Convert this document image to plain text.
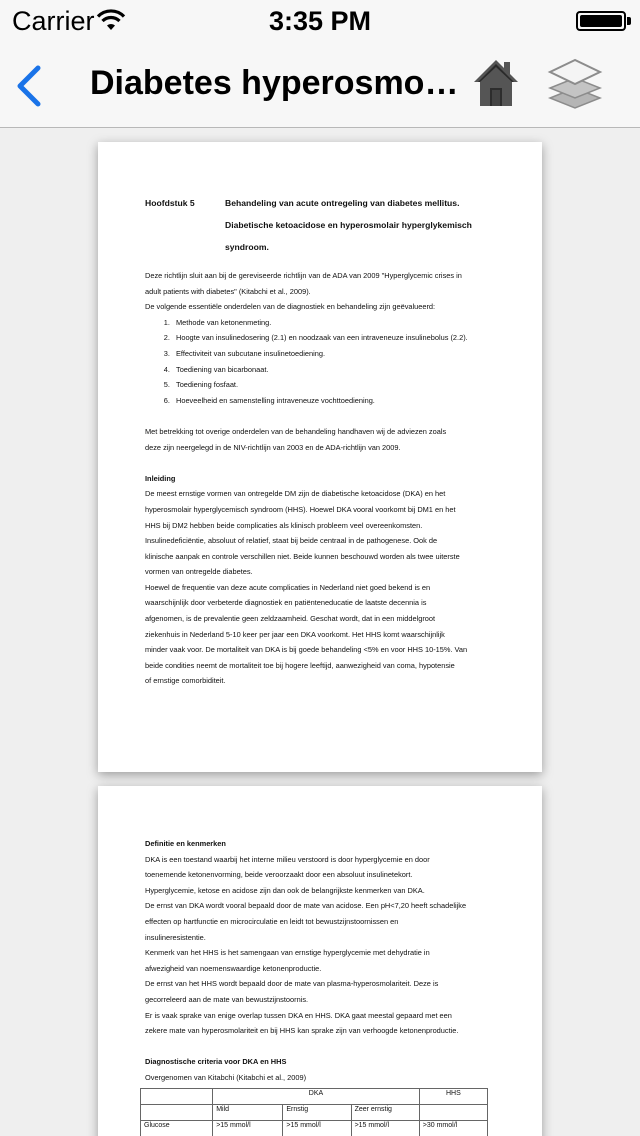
Carrier	3:35 PM
Diabetes hyperosmo…
Hoofdstuk 5	Behandeling van acute ontregeling van diabetes mellitus. Diabetische ketoacidose en hyperosmolair hyperglykemisch syndroom.

Deze richtlijn sluit aan bij de gereviseerde richtlijn van de ADA van 2009 "Hyperglycemic crises in

adult patients with diabetes" (Kitabchi et al., 2009).

De volgende essentiële onderdelen van de diagnostiek en behandeling zijn geëvalueerd:

1. Methode van ketonenmeting.
2. Hoogte van insulinedosering (2.1) en noodzaak van een intraveneuze insulinebolus (2.2).
3. Effectiviteit van subcutane insulinetoediening.
4. Toediening van bicarbonaat.
5. Toediening fosfaat.
6. Hoeveelheid en samenstelling intraveneuze vochttoediening.

Met betrekking tot overige onderdelen van de behandeling handhaven wij de adviezen zoals

deze zijn neergelegd in de NIV-richtlijn van 2003 en de ADA-richtlijn van 2009.

Inleiding

De meest ernstige vormen van ontregelde DM zijn de diabetische ketoacidose (DKA) en het

hyperosmolair hyperglycemisch syndroom (HHS). Hoewel DKA vooral voorkomt bij DM1 en het

HHS bij DM2 hebben beide complicaties als klinisch probleem veel overeenkomsten.

Insulinedeficiëntie, absoluut of relatief, staat bij beide centraal in de pathogenese. Ook de

klinische aanpak en controle verschillen niet. Beide kunnen beschouwd worden als twee uiterste

vormen van ontregelde diabetes.

Hoewel de frequentie van deze acute complicaties in Nederland niet goed bekend is en

waarschijnlijk door verbeterde diagnostiek en patiënteneducatie de laatste decennia is

afgenomen, is de prevalentie geen zeldzaamheid. Geschat wordt, dat in een middelgroot

ziekenhuis in Nederland 5-10 keer per jaar een DKA voorkomt. Het HHS komt waarschijnlijk

minder vaak voor. De mortaliteit van DKA is bij goede behandeling <5% en voor HHS 10-15%. Van

beide condities neemt de mortaliteit toe bij hogere leeftijd, aanwezigheid van coma, hypotensie

of ernstige comorbiditeit.

Definitie en kenmerken

DKA is een toestand waarbij het interne milieu verstoord is door hyperglycemie en door

toenemende ketonenvorming, beide veroorzaakt door een absoluut insulinetekort.

Hyperglycemie, ketose en acidose zijn dan ook de belangrijkste kenmerken van DKA.

De ernst van DKA wordt vooral bepaald door de mate van acidose. Een pH<7,20 heeft schadelijke

effecten op hartfunctie en microcirculatie en leidt tot bewustzijnstoornissen en

insulineresistentie.

Kenmerk van het HHS is het samengaan van ernstige hyperglycemie met dehydratie in

afwezigheid van noemenswaardige ketonenproductie.

De ernst van het HHS wordt bepaald door de mate van plasma-hyperosmolariteit. Deze is

gecorreleerd aan de mate van bewustzijnstoornis.

Er is vaak sprake van enige overlap tussen DKA en HHS. DKA gaat meestal gepaard met een

zekere mate van hyperosmolariteit en bij HHS kan sprake zijn van verhoogde ketonenproductie.

Diagnostische criteria voor DKA en HHS

Overgenomen van Kitabchi (Kitabchi et al., 2009)

	DKA			HHS
	Mild	Ernstig	Zeer ernstig	
Glucose	>15 mmol/l	>15 mmol/l	>15 mmol/l	>30 mmol/l
